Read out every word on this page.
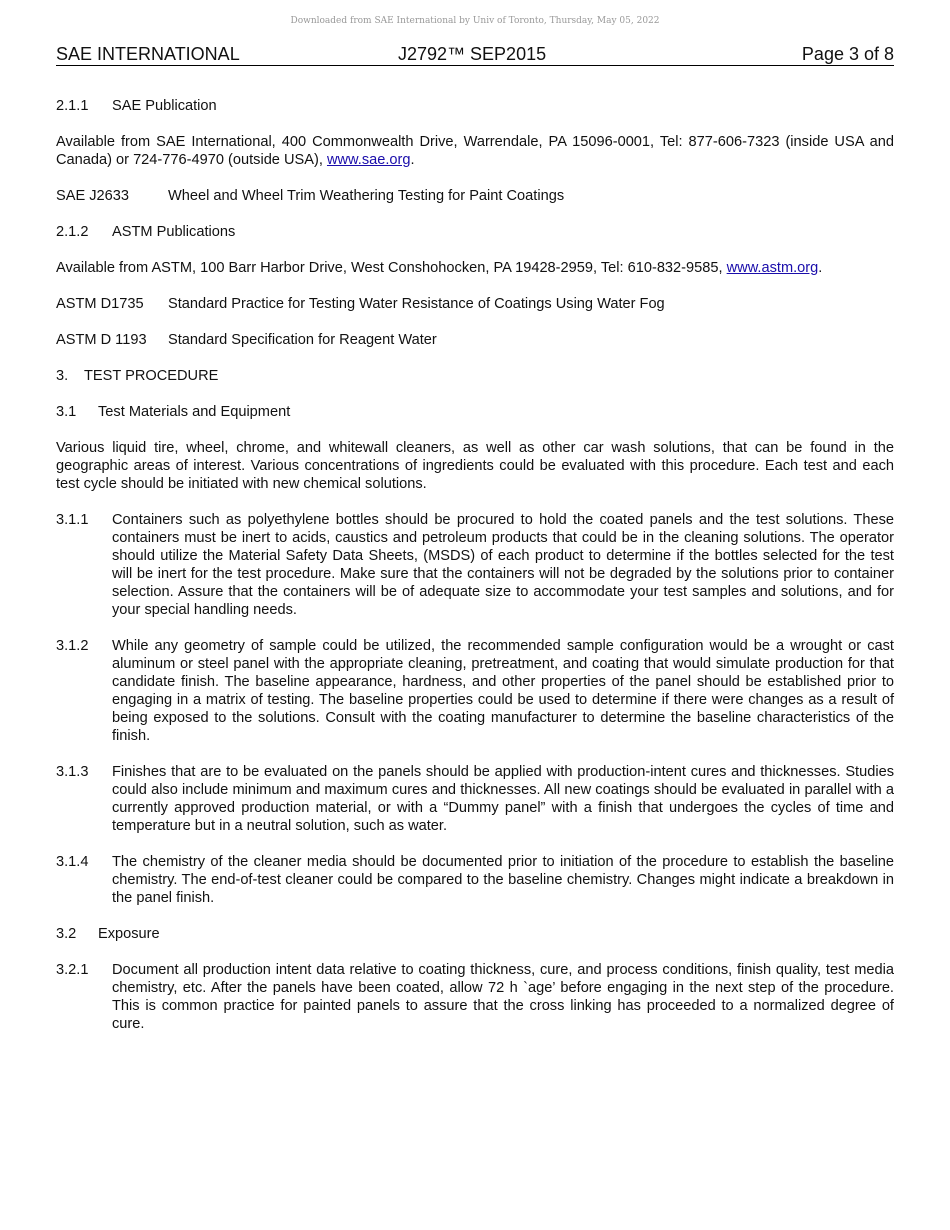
Downloaded from SAE International by Univ of Toronto, Thursday, May 05, 2022
SAE INTERNATIONAL	J2792™ SEP2015	Page 3 of 8
2.1.1 SAE Publication

Available from SAE International, 400 Commonwealth Drive, Warrendale, PA 15096-0001, Tel: 877-606-7323 (inside USA and Canada) or 724-776-4970 (outside USA), www.sae.org.

SAE J2633	Wheel and Wheel Trim Weathering Testing for Paint Coatings
2.1.2 ASTM Publications

Available from ASTM, 100 Barr Harbor Drive, West Conshohocken, PA 19428-2959, Tel: 610-832-9585, www.astm.org.

ASTM D1735 Standard Practice for Testing Water Resistance of Coatings Using Water Fog
ASTM D 1193 Standard Specification for Reagent Water
3. TEST PROCEDURE
3.1 Test Materials and Equipment

Various liquid tire, wheel, chrome, and whitewall cleaners, as well as other car wash solutions, that can be found in the geographic areas of interest. Various concentrations of ingredients could be evaluated with this procedure. Each test and each test cycle should be initiated with new chemical solutions.

3.1.1 Containers such as polyethylene bottles should be procured to hold the coated panels and the test solutions. These containers must be inert to acids, caustics and petroleum products that could be in the cleaning solutions. The operator should utilize the Material Safety Data Sheets, (MSDS) of each product to determine if the bottles selected for the test will be inert for the test procedure. Make sure that the containers will not be degraded by the solutions prior to container selection. Assure that the containers will be of adequate size to accommodate your test samples and solutions, and for your special handling needs.
3.1.2 While any geometry of sample could be utilized, the recommended sample configuration would be a wrought or cast aluminum or steel panel with the appropriate cleaning, pretreatment, and coating that would simulate production for that candidate finish. The baseline appearance, hardness, and other properties of the panel should be established prior to engaging in a matrix of testing. The baseline properties could be used to determine if there were changes as a result of being exposed to the solutions. Consult with the coating manufacturer to determine the baseline characteristics of the finish.
3.1.3 Finishes that are to be evaluated on the panels should be applied with production-intent cures and thicknesses. Studies could also include minimum and maximum cures and thicknesses. All new coatings should be evaluated in parallel with a currently approved production material, or with a “Dummy panel” with a finish that undergoes the cycles of time and temperature but in a neutral solution, such as water.
3.1.4 The chemistry of the cleaner media should be documented prior to initiation of the procedure to establish the baseline chemistry. The end-of-test cleaner could be compared to the baseline chemistry. Changes might indicate a breakdown in the panel finish.
3.2 Exposure
3.2.1 Document all production intent data relative to coating thickness, cure, and process conditions, finish quality, test media chemistry, etc. After the panels have been coated, allow 72 h `age’ before engaging in the next step of the procedure. This is common practice for painted panels to assure that the cross linking has proceeded to a normalized degree of cure.
